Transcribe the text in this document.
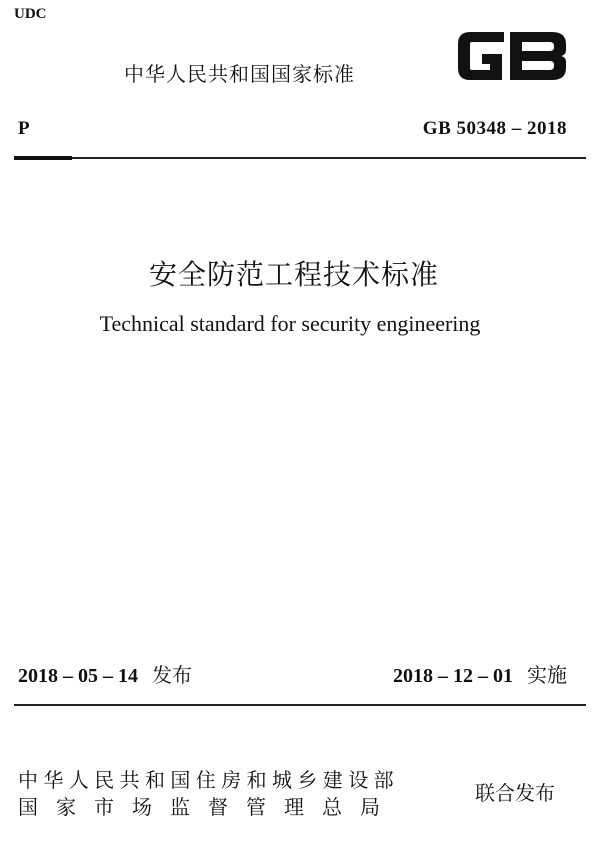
UDC
中华人民共和国国家标准
P	GB 50348 – 2018
安全防范工程技术标准
Technical standard for security engineering
2018 – 05 – 14 发布	2018 – 12 – 01 实施
中华人民共和国住房和城乡建设部
国家市场监督管理总局
联合发布
